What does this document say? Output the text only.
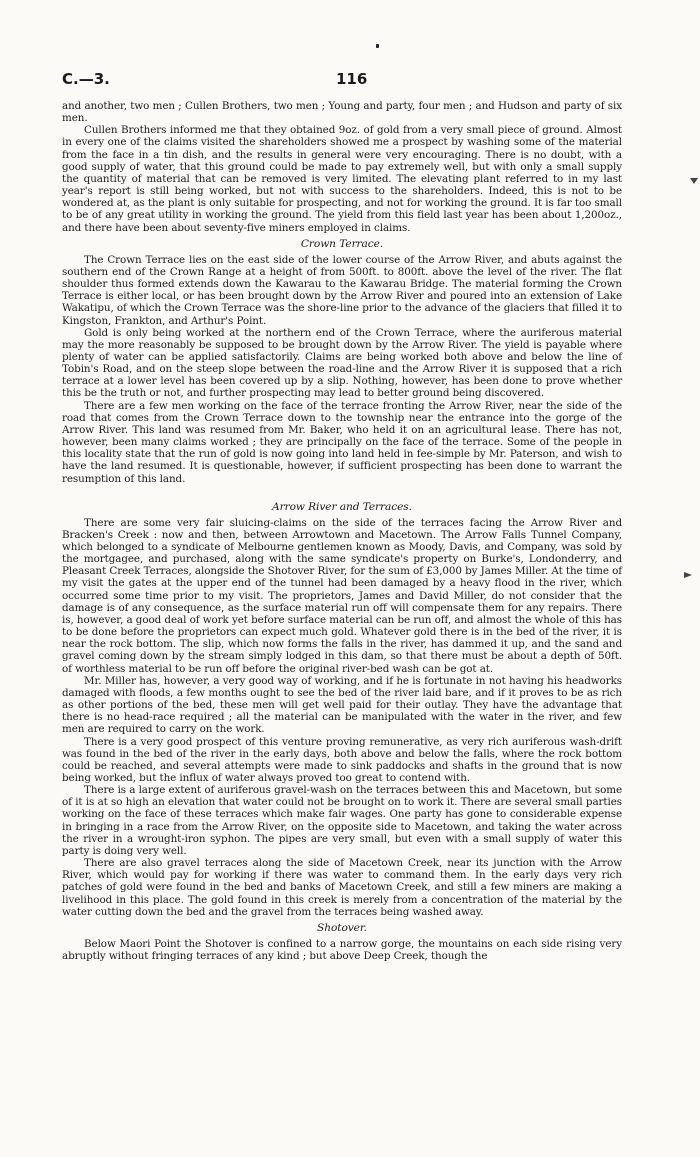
C.—3.	116

and another, two men ; Cullen Brothers, two men ; Young and party, four men ; and Hudson and party of six men.

Cullen Brothers informed me that they obtained 9oz. of gold from a very small piece of ground. Almost in every one of the claims visited the shareholders showed me a prospect by washing some of the material from the face in a tin dish, and the results in general were very encouraging. There is no doubt, with a good supply of water, that this ground could be made to pay extremely well, but with only a small supply the quantity of material that can be removed is very limited. The elevating plant referred to in my last year's report is still being worked, but not with success to the shareholders. Indeed, this is not to be wondered at, as the plant is only suitable for prospecting, and not for working the ground. It is far too small to be of any great utility in working the ground. The yield from this field last year has been about 1,200oz., and there have been about seventy-five miners employed in claims.

Crown Terrace.

The Crown Terrace lies on the east side of the lower course of the Arrow River, and abuts against the southern end of the Crown Range at a height of from 500ft. to 800ft. above the level of the river. The flat shoulder thus formed extends down the Kawarau to the Kawarau Bridge. The material forming the Crown Terrace is either local, or has been brought down by the Arrow River and poured into an extension of Lake Wakatipu, of which the Crown Terrace was the shore-line prior to the advance of the glaciers that filled it to Kingston, Frankton, and Arthur's Point.

Gold is only being worked at the northern end of the Crown Terrace, where the auriferous material may the more reasonably be supposed to be brought down by the Arrow River. The yield is payable where plenty of water can be applied satisfactorily. Claims are being worked both above and below the line of Tobin's Road, and on the steep slope between the road-line and the Arrow River it is supposed that a rich terrace at a lower level has been covered up by a slip. Nothing, however, has been done to prove whether this be the truth or not, and further prospecting may lead to better ground being discovered.

There are a few men working on the face of the terrace fronting the Arrow River, near the side of the road that comes from the Crown Terrace down to the township near the entrance into the gorge of the Arrow River. This land was resumed from Mr. Baker, who held it on an agricultural lease. There has not, however, been many claims worked ; they are principally on the face of the terrace. Some of the people in this locality state that the run of gold is now going into land held in fee-simple by Mr. Paterson, and wish to have the land resumed. It is questionable, however, if sufficient prospecting has been done to warrant the resumption of this land.

Arrow River and Terraces.

There are some very fair sluicing-claims on the side of the terraces facing the Arrow River and Bracken's Creek : now and then, between Arrowtown and Macetown. The Arrow Falls Tunnel Company, which belonged to a syndicate of Melbourne gentlemen known as Moody, Davis, and Company, was sold by the mortgagee, and purchased, along with the same syndicate's property on Burke's, Londonderry, and Pleasant Creek Terraces, alongside the Shotover River, for the sum of £3,000 by James Miller. At the time of my visit the gates at the upper end of the tunnel had been damaged by a heavy flood in the river, which occurred some time prior to my visit. The proprietors, James and David Miller, do not consider that the damage is of any consequence, as the surface material run off will compensate them for any repairs. There is, however, a good deal of work yet before surface material can be run off, and almost the whole of this has to be done before the proprietors can expect much gold. Whatever gold there is in the bed of the river, it is near the rock bottom. The slip, which now forms the falls in the river, has dammed it up, and the sand and gravel coming down by the stream simply lodged in this dam, so that there must be about a depth of 50ft. of worthless material to be run off before the original river-bed wash can be got at.

Mr. Miller has, however, a very good way of working, and if he is fortunate in not having his headworks damaged with floods, a few months ought to see the bed of the river laid bare, and if it proves to be as rich as other portions of the bed, these men will get well paid for their outlay. They have the advantage that there is no head-race required ; all the material can be manipulated with the water in the river, and few men are required to carry on the work.

There is a very good prospect of this venture proving remunerative, as very rich auriferous wash-drift was found in the bed of the river in the early days, both above and below the falls, where the rock bottom could be reached, and several attempts were made to sink paddocks and shafts in the ground that is now being worked, but the influx of water always proved too great to contend with.

There is a large extent of auriferous gravel-wash on the terraces between this and Macetown, but some of it is at so high an elevation that water could not be brought on to work it. There are several small parties working on the face of these terraces which make fair wages. One party has gone to considerable expense in bringing in a race from the Arrow River, on the opposite side to Macetown, and taking the water across the river in a wrought-iron syphon. The pipes are very small, but even with a small supply of water this party is doing very well.

There are also gravel terraces along the side of Macetown Creek, near its junction with the Arrow River, which would pay for working if there was water to command them. In the early days very rich patches of gold were found in the bed and banks of Macetown Creek, and still a few miners are making a livelihood in this place. The gold found in this creek is merely from a concentration of the material by the water cutting down the bed and the gravel from the terraces being washed away.

Shotover.

Below Maori Point the Shotover is confined to a narrow gorge, the mountains on each side rising very abruptly without fringing terraces of any kind ; but above Deep Creek, though the
